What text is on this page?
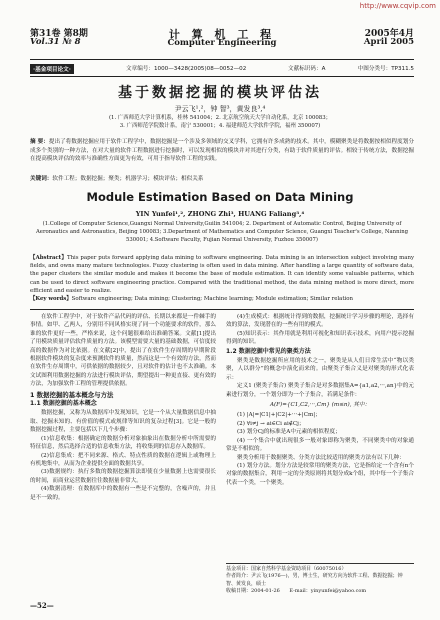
http://www.cqvip.com
第31卷 第8期
Vol.31 № 8
计 算 机 工 程
Computer Engineering
2005年4月
April 2005
·基金项目论文·	文章编号：1000—3428(2005)08—0052—02	文献标识码：A	中图分类号：TP311.5
基于数据挖掘的模块评估法
尹云飞¹,²，钟 智³，黄发良³,⁴
(1. 广西师范大学计算机系，桂林 541004；2. 北京航空航天大学自动化系，北京 100083；
3. 广西师范学院数计系，南宁 530001；4. 福建师范大学软件学院，福州 350007)
摘 要：提出了将数据挖掘应用于软件工程学中，数据挖掘是一个涉及多领域的交叉学科，它拥有许多成熟的技术。其中，模糊聚类是将数据按相似程度划分成多个类别的一种方法，在对大量的软件工程数据进行挖掘时，可以发现相似的模块并对其进行分类，有助于软件质量的评估。相较于传统方法，数据挖掘在提高模块评估的效率与准确性方面更为有效，可用于指导软件工程的实践。
关键词：软件工程；数据挖掘；聚类；机器学习；模块评估；相似关系
Module Estimation Based on Data Mining
YIN Yunfei¹,², ZHONG Zhi³, HUANG Faliang³,⁴
(1.College of Computer Science,Guangxi Normal University,Guilin 541004; 2. Department of Automatic Control, Beijing University of
Aeronautics and Astronautics, Beijing 100083; 3.Department of Mathematics and Computer Science, Guangxi Teacher's College, Nanning
530001; 4.Software Faculty, Fujian Normal University, Fuzhou 350007)
【Abstract】This paper puts forward applying data mining to software engineering. Data mining is an intersection subject involving many fields, and owns many mature technologies. Fuzzy clustering is often used in data mining. After handling a large quantity of software data, the paper clusters the similar module and makes it become the base of module estimation. It can identify some valuable patterns, which can be used to direct software engineering practice. Compared with the traditional method, the data mining method is more direct, more efficient and easier to realize.
【Key words】Software engineering; Data mining; Clustering; Machine learning; Module estimation; Similar relation

在软件工程学中，对于软件产品代码的评估、长期以来都是一件棘手的事情。如甲、乙两人，分别用不同风格实现了同一个功能要求的软件，那么谁的软件更好一些，严格来说，这个问题很难给出准确答案。文献[1]提出了用模块质量评估软件质量的方法。该模型需要大量的基础数据，可信度较高的数据作为对比依据。在文献[2]中，提出了在软件生存周期的早期阶段根据软件模块的复杂度来预测软件的质量，然而这是一个有效的方法，然而在软件生存周期中，可供依据的数据较少，且对软件的估计也不太准确。本文试图利用数据挖掘的方法进行模块评估，期望提出一种更直接、更有效的方法，为加强软件工程的管理提供依据。

1 数据挖掘的基本概念与方法
1.1 数据挖掘的基本概念

数据挖掘，又称为从数据库中发现知识，它是一个从大量数据信息中抽取、挖掘未知的、有价值的模式或规律等知识的复杂过程[3]。它是一般的数据挖掘过程，主要包括以下几个步骤：

(1)信息收集：根据确定的数据分析对象抽象出在数据分析中所需要的特征信息，然后选择合适的信息收集方法，将收集到的信息存入数据库。

(2)信息集成：把不同来源、格式、特点性质的数据在逻辑上或物理上有机地集中，从而为企业提供全面的数据共享。

(3)数据规约：执行多数的数据挖掘算法即使在少量数据上也需要很长的时间，而商业运营数据往往数据量非常大。

(4)数据清理：在数据库中的数据有一些是不完整的，含噪声的，并且是不一致的。

(4)生成模式：根据统计得到的数据，挖掘统计学习步骤的理论，选择有效的算法，发现潜在的一些有用的模式。

(5)知识表示：其作用就是利用可视化和知识表示技术，向用户提示挖掘得到的知识。

1.2 数据挖掘中常见的聚类方法

聚类是数据挖掘所应用的技术之一，聚类是从人们日常生活中“物以类聚，人以群分”的概念中演化而来的。由聚类子集合义是对聚类的形式化表示：

定义1 (聚类子集合) 聚类子集合是对多数据集A={a1,a2,···,an}中的元素进行划分，一个划分即为一个子集合，若满足条件：

A(F)={C1,C2,···,Cm} (m≤n), 其中：

(1) |A|=|C1|+|C2|+···+|Cm|；

(2) ∀i≠j → ai∈Ci ai∉Cj；

(3) 划分Cj的标准是A中元素的相似程度；

(4) 一个集合中就出现很多一般对象即称为聚类，不同聚类中的对象通常是不相似的。

聚类分析用于数据聚类、分类方法比较适用的聚类方法有以下几种：

(1) 划分方法。划分方法是较常用的聚类方法，它是指给定一个含有n个对象的数据集合，利用一定的分类原则将其划分成k个组，其中每一个子集合代表一个类，一个聚类。

基金项目：国家自然科学基金资助项目（60075016）
作者简介：尹云飞(1976—)，男，博士生，研究方向为软件工程、数据挖掘；钟 智、黄发良，硕士
收稿日期：2004-01-26 E-mail：yinyunfei@yahoo.com
—52—
